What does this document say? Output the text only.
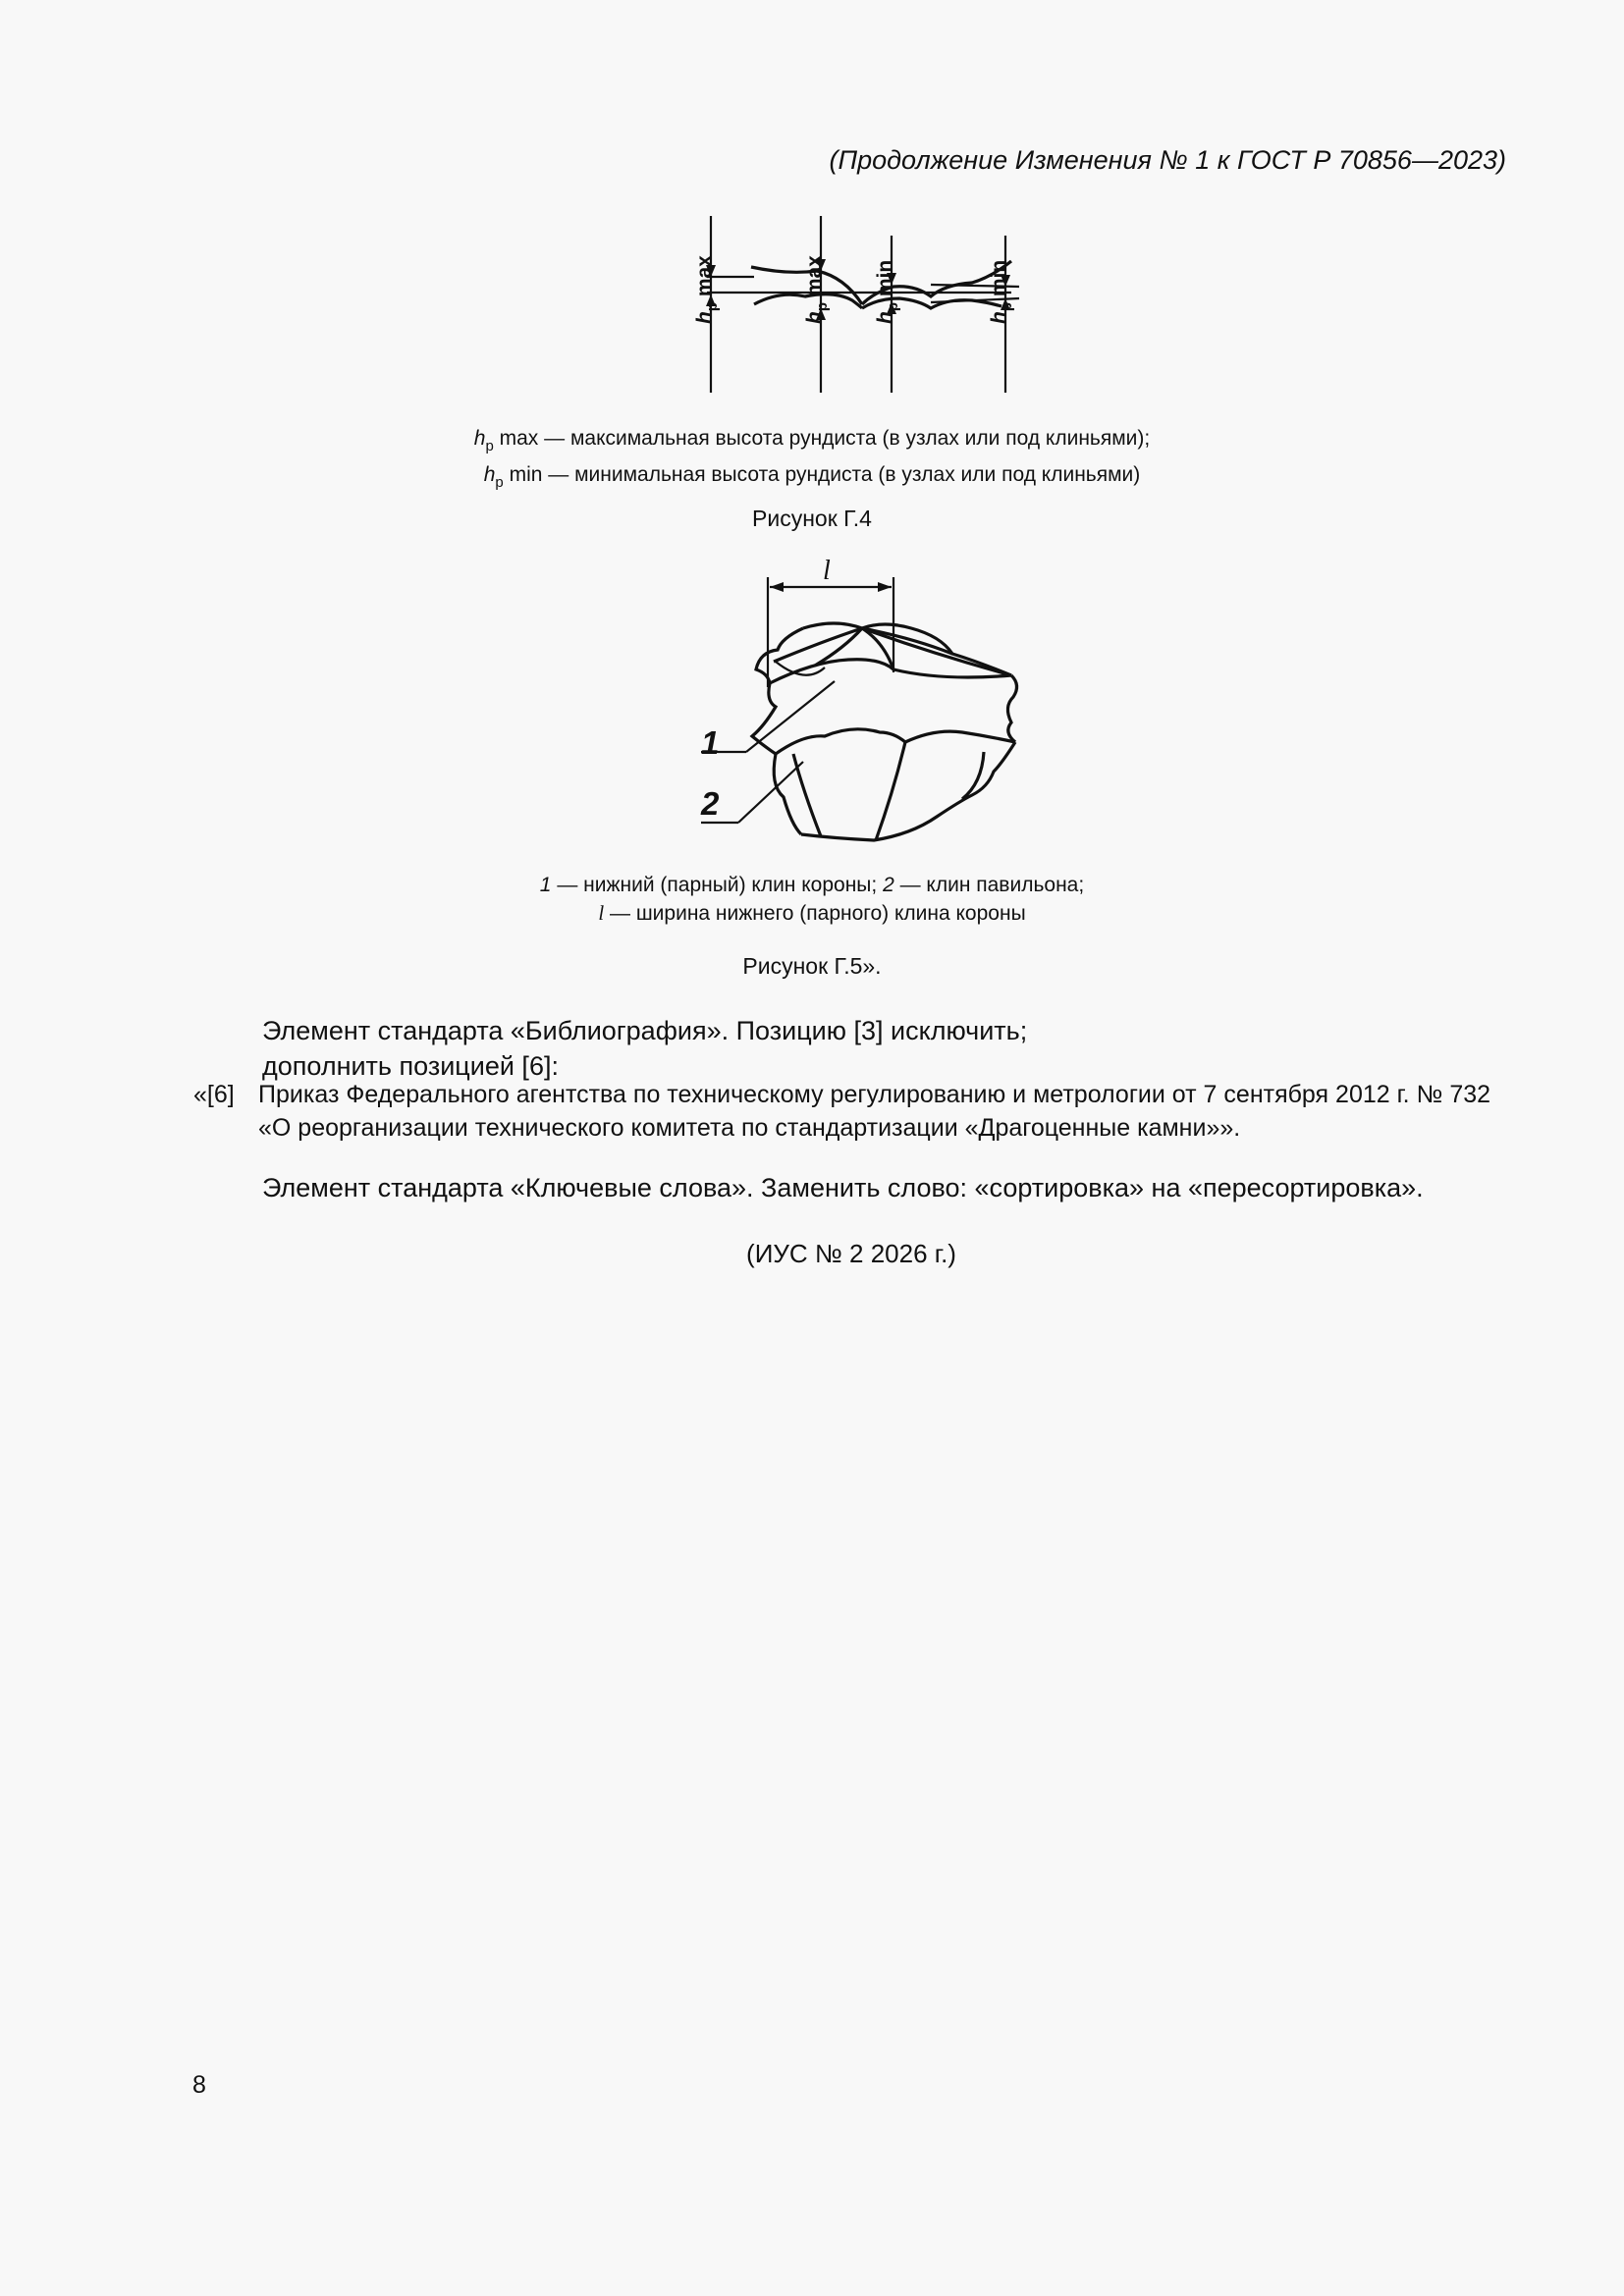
(Продолжение Изменения № 1 к ГОСТ Р 70856—2023)
$h_p$ max
$h_p$ max
$h_p$ min
$h_p$ min
$h_p$ max — максимальная высота рундиста (в узлах или под клиньями);
$h_p$ min — минимальная высота рундиста (в узлах или под клиньями)
Рисунок Г.4
l
1
2
1 — нижний (парный) клин короны; 2 — клин павильона;
l — ширина нижнего (парного) клина короны
Рисунок Г.5».
Элемент стандарта «Библиография». Позицию [3] исключить;
дополнить позицией [6]:
«[6] Приказ Федерального агентства по техническому регулированию и метрологии от 7 сентября 2012 г. № 732
«О реорганизации технического комитета по стандартизации «Драгоценные камни»».
Элемент стандарта «Ключевые слова». Заменить слово: «сортировка» на «пересортировка».
(ИУС № 2 2026 г.)
8
